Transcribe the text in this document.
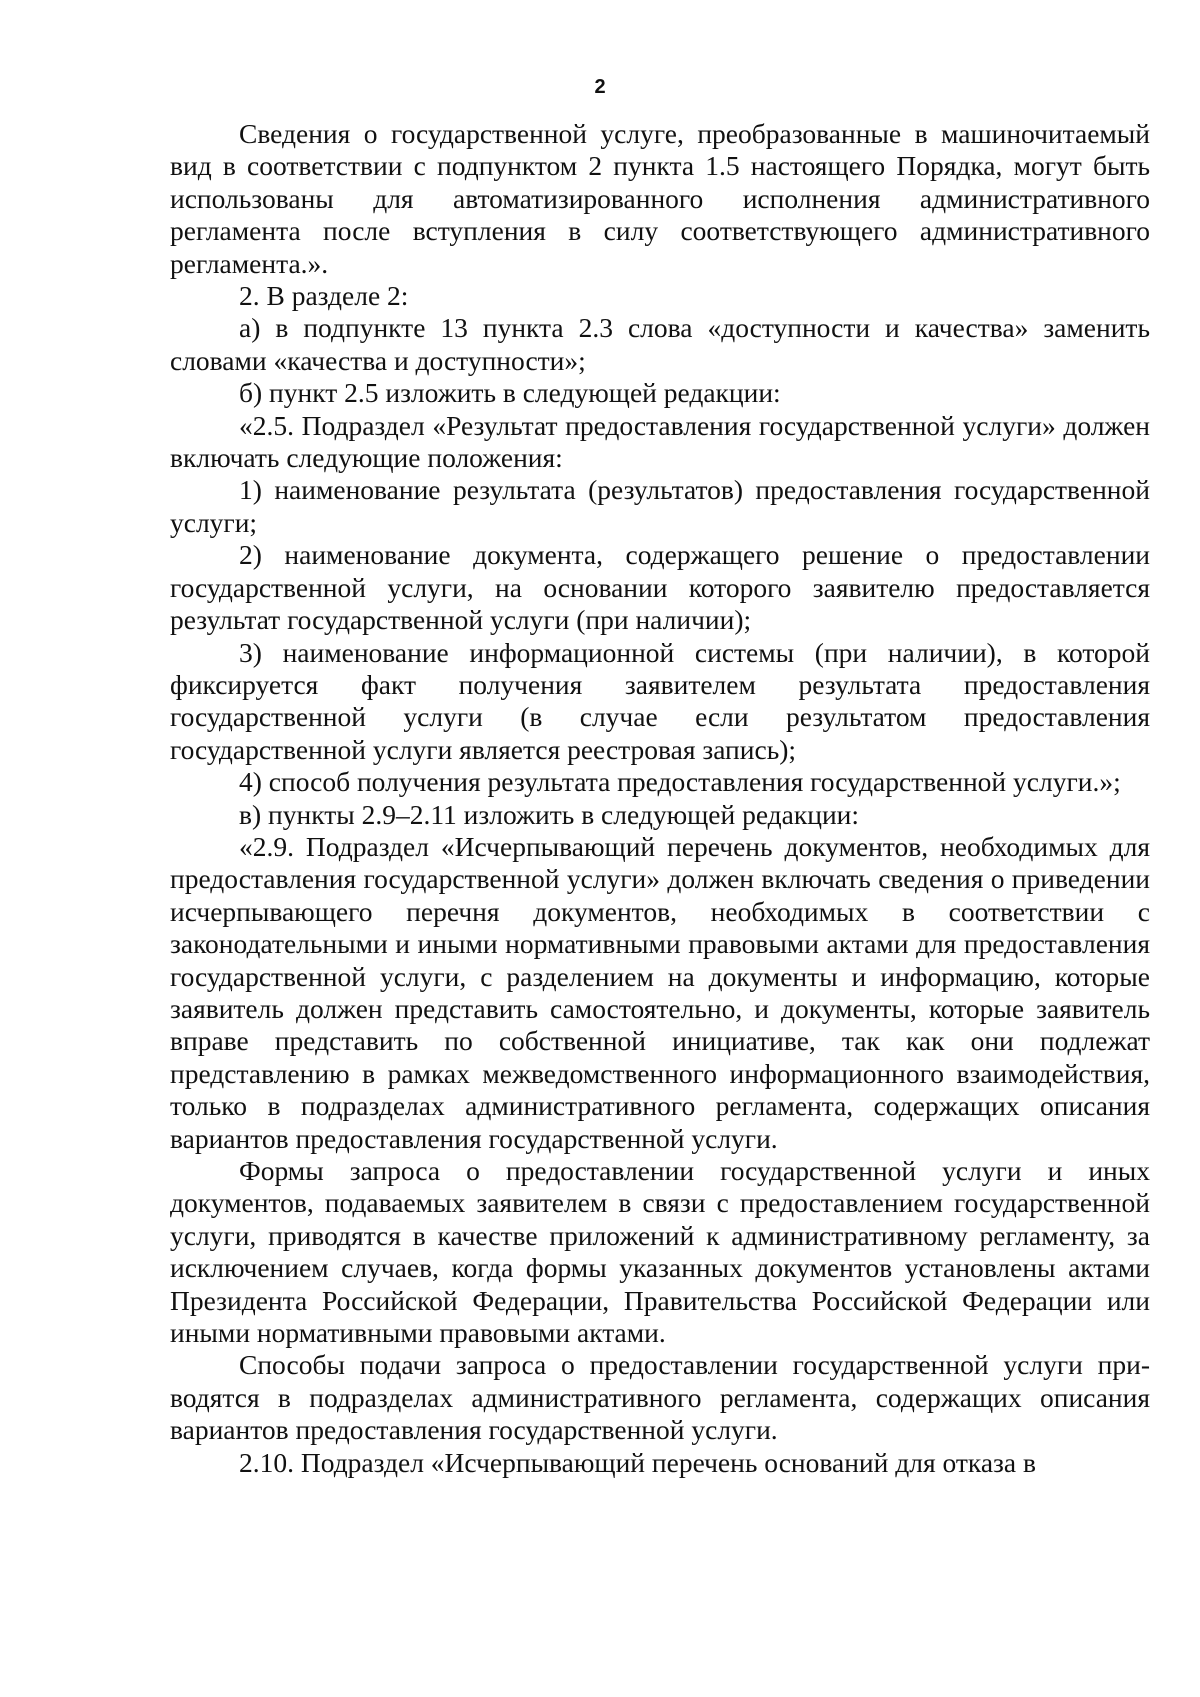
2

Сведения о государственной услуге, преобразованные в машиночитаемый вид в соответствии с подпунктом 2 пункта 1.5 настоящего Порядка, могут быть использованы для автоматизированного исполнения административного регламента после вступления в силу соответствующего административного регламента.».

2. В разделе 2:

а) в подпункте 13 пункта 2.3 слова «доступности и качества» заменить словами «качества и доступности»;

б) пункт 2.5 изложить в следующей редакции:

«2.5. Подраздел «Результат предоставления государственной услуги» должен включать следующие положения:

1) наименование результата (результатов) предоставления государственной услуги;

2) наименование документа, содержащего решение о предоставлении государственной услуги, на основании которого заявителю предоставляется результат государственной услуги (при наличии);

3) наименование информационной системы (при наличии), в которой фиксируется факт получения заявителем результата предоставления государственной услуги (в случае если результатом предоставления государственной услуги является реестровая запись);

4) способ получения результата предоставления государственной услуги.»;

в) пункты 2.9–2.11 изложить в следующей редакции:

«2.9. Подраздел «Исчерпывающий перечень документов, необходимых для предоставления государственной услуги» должен включать сведения о приведении исчерпывающего перечня документов, необходимых в соответствии с законодательными и иными нормативными правовыми актами для предоставления государственной услуги, с разделением на документы и информацию, которые заявитель должен представить самостоятельно, и документы, которые заявитель вправе представить по собственной инициативе, так как они подлежат представлению в рамках межведомственного информационного взаимодействия, только в подразделах административного регламента, содержащих описания вариантов предоставления государственной услуги.

Формы запроса о предоставлении государственной услуги и иных документов, подаваемых заявителем в связи с предоставлением государственной услуги, приводятся в качестве приложений к административному регламенту, за исключением случаев, когда формы указанных документов установлены актами Президента Российской Федерации, Правительства Российской Федерации или иными нормативными правовыми актами.

Способы подачи запроса о предоставлении государственной услуги приводятся в подразделах административного регламента, содержащих описания вариантов предоставления государственной услуги.

2.10. Подраздел «Исчерпывающий перечень оснований для отказа в
